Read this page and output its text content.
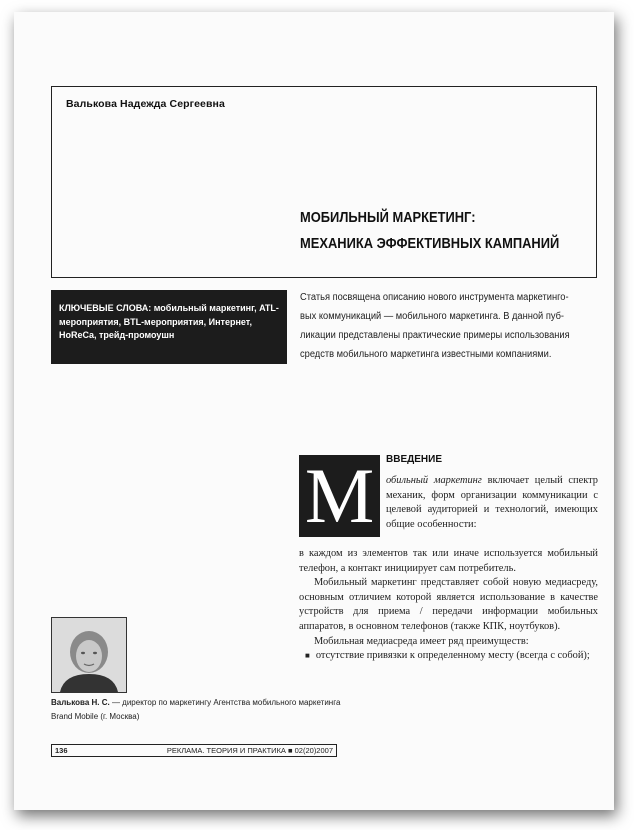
Валькова Надежда Сергеевна
МОБИЛЬНЫЙ МАРКЕТИНГ:
МЕХАНИКА ЭФФЕКТИВНЫХ КАМПАНИЙ
КЛЮЧЕВЫЕ СЛОВА: мобильный маркетинг, ATL-мероприятия, BTL-мероприятия, Интернет, HoReCa, трейд-промоушн
Статья посвящена описанию нового инструмента маркетинго-вых коммуникаций — мобильного маркетинга. В данной пуб-ликации представлены практические примеры использования средств мобильного маркетинга известными компаниями.
М	ВВЕДЕНИЕ
обильный маркетинг включает целый спектр механик, форм организации коммуникации с целевой аудиторией и технологий, имеющих общие особенности:

в каждом из элементов так или иначе используется мобильный телефон, а контакт инициирует сам потребитель.

Мобильный маркетинг представляет собой новую медиасреду, основным отличием которой является использование в качестве устройств для приема / передачи информации мобильных аппаратов, в основном телефонов (также КПК, ноутбуков).

Мобильная медиасреда имеет ряд преимуществ:

■ отсутствие привязки к определенному месту (всегда с собой);

Валькова Н. С. — директор по маркетингу Агентства мобильного маркетинга Brand Mobile (г. Москва)
136	РЕКЛАМА. ТЕОРИЯ И ПРАКТИКА ■ 02(20)2007
